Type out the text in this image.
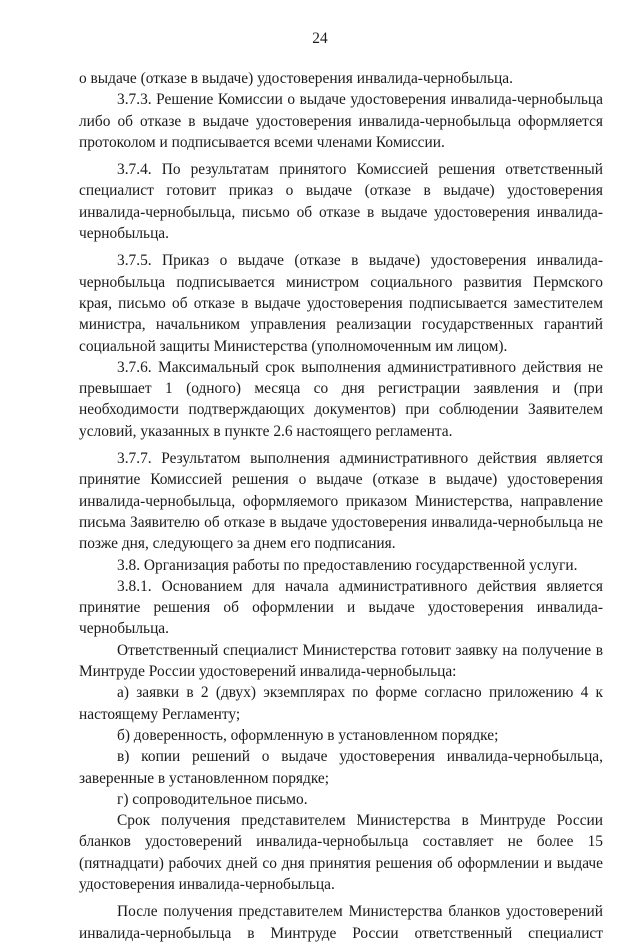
24

о выдаче (отказе в выдаче) удостоверения инвалида-чернобыльца.

3.7.3. Решение Комиссии о выдаче удостоверения инвалида-чернобыльца либо об отказе в выдаче удостоверения инвалида-чернобыльца оформляется протоколом и подписывается всеми членами Комиссии.

3.7.4. По результатам принятого Комиссией решения ответственный специалист готовит приказ о выдаче (отказе в выдаче) удостоверения инвалида-чернобыльца, письмо об отказе в выдаче удостоверения инвалида-чернобыльца.

3.7.5. Приказ о выдаче (отказе в выдаче) удостоверения инвалида-чернобыльца подписывается министром социального развития Пермского края, письмо об отказе в выдаче удостоверения подписывается заместителем министра, начальником управления реализации государственных гарантий социальной защиты Министерства (уполномоченным им лицом).

3.7.6. Максимальный срок выполнения административного действия не превышает 1 (одного) месяца со дня регистрации заявления и (при необходимости подтверждающих документов) при соблюдении Заявителем условий, указанных в пункте 2.6 настоящего регламента.

3.7.7. Результатом выполнения административного действия является принятие Комиссией решения о выдаче (отказе в выдаче) удостоверения инвалида-чернобыльца, оформляемого приказом Министерства, направление письма Заявителю об отказе в выдаче удостоверения инвалида-чернобыльца не позже дня, следующего за днем его подписания.

3.8. Организация работы по предоставлению государственной услуги.

3.8.1. Основанием для начала административного действия является принятие решения об оформлении и выдаче удостоверения инвалида-чернобыльца.

Ответственный специалист Министерства готовит заявку на получение в Минтруде России удостоверений инвалида-чернобыльца:

а) заявки в 2 (двух) экземплярах по форме согласно приложению 4 к настоящему Регламенту;

б) доверенность, оформленную в установленном порядке;

в) копии решений о выдаче удостоверения инвалида-чернобыльца, заверенные в установленном порядке;

г) сопроводительное письмо.

Срок получения представителем Министерства в Минтруде России бланков удостоверений инвалида-чернобыльца составляет не более 15 (пятнадцати) рабочих дней со дня принятия решения об оформлении и выдаче удостоверения инвалида-чернобыльца.

После получения представителем Министерства бланков удостоверений инвалида-чернобыльца в Минтруде России ответственный специалист
